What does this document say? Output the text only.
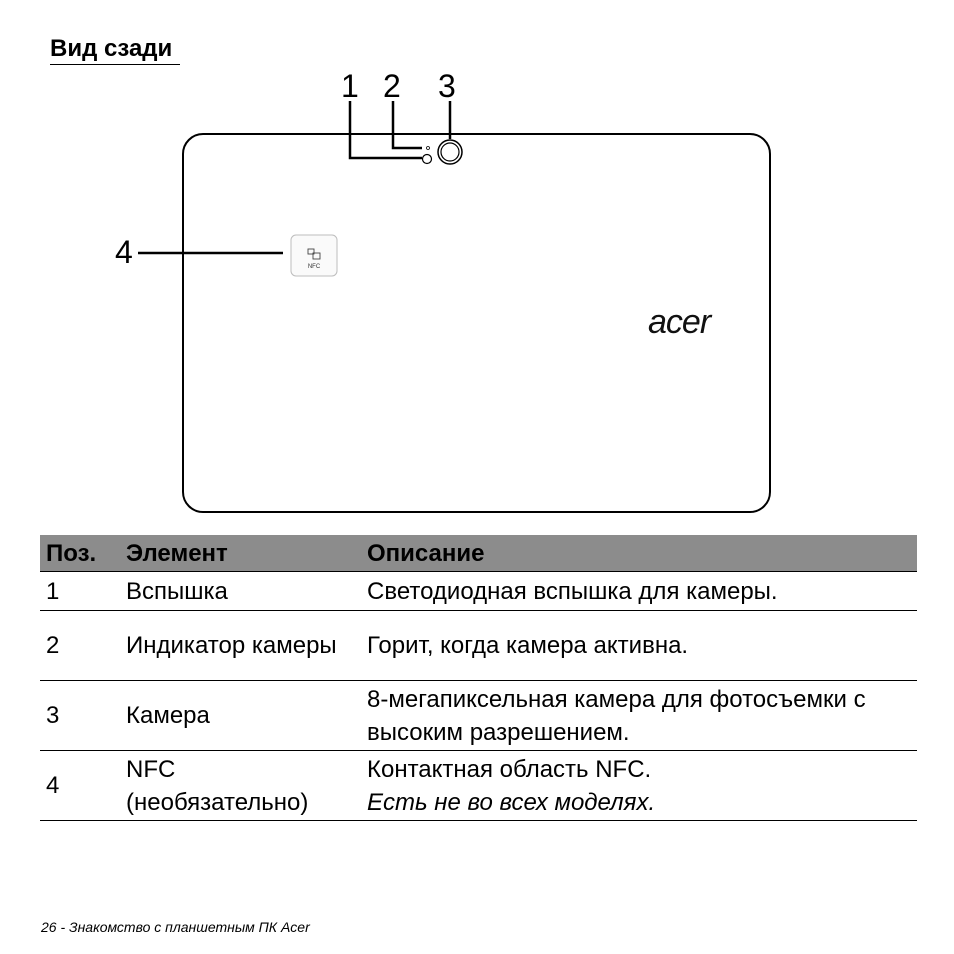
Вид сзади
1 2 3
4	NFC
acer
Поз.	Элемент	Описание
1	Вспышка	Светодиодная вспышка для камеры.
2	Индикатор камеры	Горит, когда камера активна.
3	Камера	8-мегапиксельная камера для фотосъемки с высоким разрешением.
4	NFC (необязательно)	Контактная область NFC.
Есть не во всех моделях.
26 - Знакомство с планшетным ПК Acer
